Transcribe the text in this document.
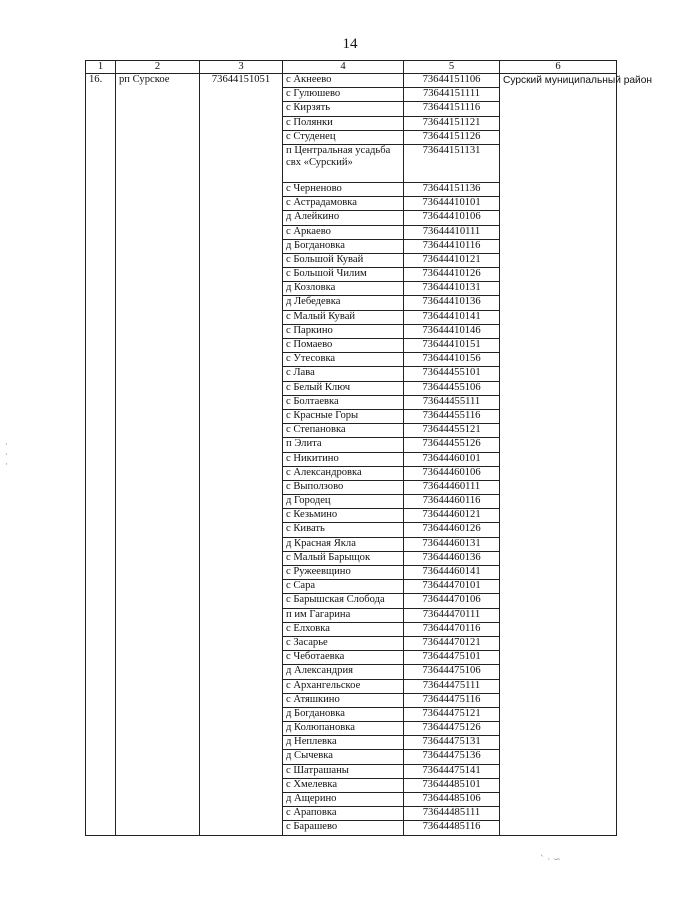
14
1	2	3	4	5	6
16.	рп Сурское	73644151051	с Акнеево	73644151106	Сурский муниципальный район
			с Гулюшево	73644151111	
			с Кирзять	73644151116	
			с Полянки	73644151121	
			с Студенец	73644151126	
			п Центральная усадьба свх «Сурский»	73644151131	
			с Черненово	73644151136	
			с Астрадамовка	73644410101	
			д Алейкино	73644410106	
			с Аркаево	73644410111	
			д Богдановка	73644410116	
			с Большой Кувай	73644410121	
			с Большой Чилим	73644410126	
			д Козловка	73644410131	
			д Лебедевка	73644410136	
			с Малый Кувай	73644410141	
			с Паркино	73644410146	
			с Помаево	73644410151	
			с Утесовка	73644410156	
			с Лава	73644455101	
			с Белый Ключ	73644455106	
			с Болтаевка	73644455111	
			с Красные Горы	73644455116	
			с Степановка	73644455121	
			п Элита	73644455126	
			с Никитино	73644460101	
			с Александровка	73644460106	
			с Выползово	73644460111	
			д Городец	73644460116	
			с Кезьмино	73644460121	
			с Кивать	73644460126	
			д Красная Якла	73644460131	
			с Малый Барыщок	73644460136	
			с Ружеевщино	73644460141	
			с Сара	73644470101	
			с Барышская Слобода	73644470106	
			п им Гагарина	73644470111	
			с Елховка	73644470116	
			с Засарье	73644470121	
			с Чеботаевка	73644475101	
			д Александрия	73644475106	
			с Архангельское	73644475111	
			с Атяшкино	73644475116	
			д Богдановка	73644475121	
			д Колюпановка	73644475126	
			д Неплевка	73644475131	
			д Сычевка	73644475136	
			с Шатрашаны	73644475141	
			с Хмелевка	73644485101	
			д Ащерино	73644485106	
			с Араповка	73644485111	
			с Барашево	73644485116	
·
·
·
` · ∽
